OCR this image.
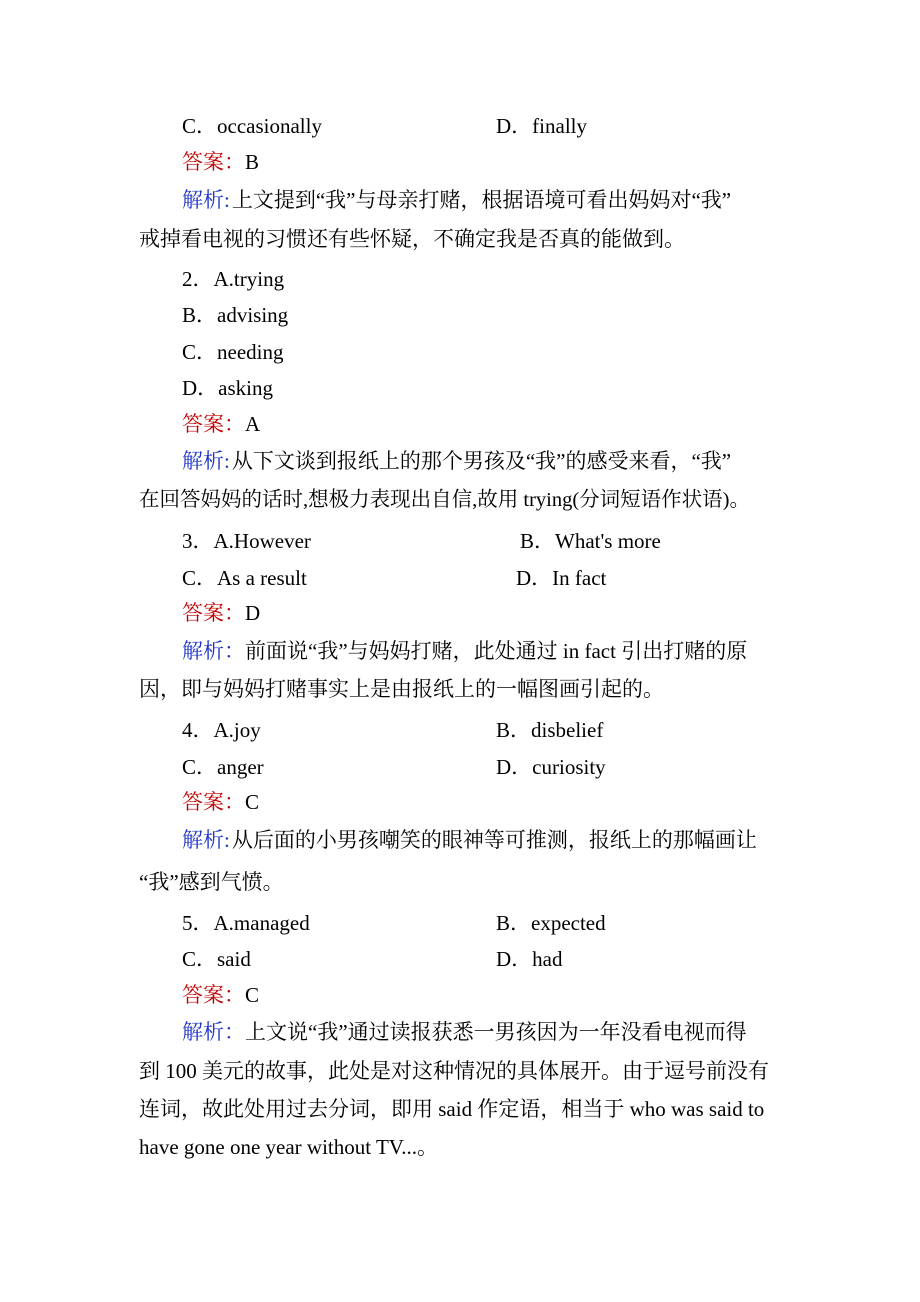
C．occasionally	D．finally
答案：B
解析:上文提到“我”与母亲打赌，根据语境可看出妈妈对“我”
戒掉看电视的习惯还有些怀疑，不确定我是否真的能做到。
2．A.trying
B．advising
C．needing
D．asking
答案：A
解析:从下文谈到报纸上的那个男孩及“我”的感受来看，“我”
在回答妈妈的话时,想极力表现出自信,故用 trying(分词短语作状语)。
3．A.However	B．What's more
C．As a result	D．In fact
答案：D
解析：前面说“我”与妈妈打赌，此处通过 in fact 引出打赌的原
因，即与妈妈打赌事实上是由报纸上的一幅图画引起的。
4．A.joy	B．disbelief
C．anger	D．curiosity
答案：C
解析:从后面的小男孩嘲笑的眼神等可推测，报纸上的那幅画让
“我”感到气愤。
5．A.managed	B．expected
C．said	D．had
答案：C
解析：上文说“我”通过读报获悉一男孩因为一年没看电视而得
到 100 美元的故事，此处是对这种情况的具体展开。由于逗号前没有
连词，故此处用过去分词，即用 said 作定语，相当于 who was said to
have gone one year without TV...。
